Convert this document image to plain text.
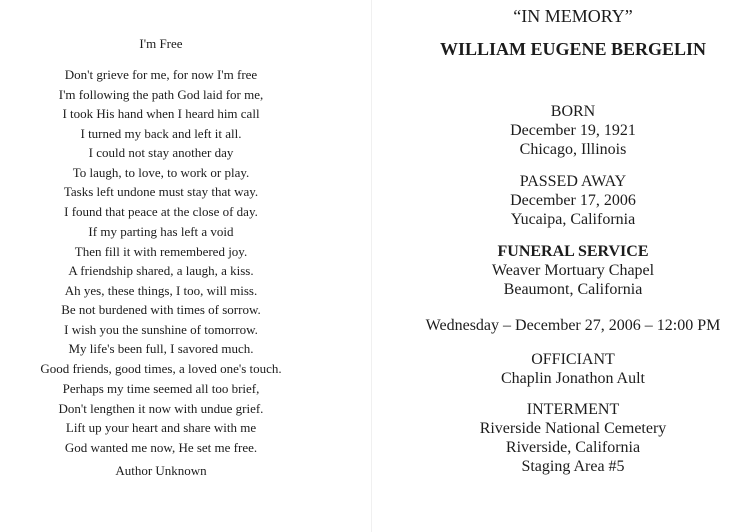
I'm Free
Author Unknown
Don't grieve for me, for now I'm free
I'm following the path God laid for me,
I took His hand when I heard him call
I turned my back and left it all.
I could not stay another day
To laugh, to love, to work or play.
Tasks left undone must stay that way.
I found that peace at the close of day.
If my parting has left a void
Then fill it with remembered joy.
A friendship shared, a laugh, a kiss.
Ah yes, these things, I too, will miss.
Be not burdened with times of sorrow.
I wish you the sunshine of tomorrow.
My life's been full, I savored much.
Good friends, good times, a loved one's touch.
Perhaps my time seemed all too brief,
Don't lengthen it now with undue grief.
Lift up your heart and share with me
God wanted me now, He set me free.
“IN MEMORY”
WILLIAM EUGENE BERGELIN
BORN
December 19, 1921
Chicago, Illinois
PASSED AWAY
December 17, 2006
Yucaipa, California
FUNERAL SERVICE
Weaver Mortuary Chapel
Beaumont, California
Wednesday – December 27, 2006 – 12:00 PM
OFFICIANT
Chaplin Jonathon Ault
INTERMENT
Riverside National Cemetery
Riverside, California
Staging Area #5
